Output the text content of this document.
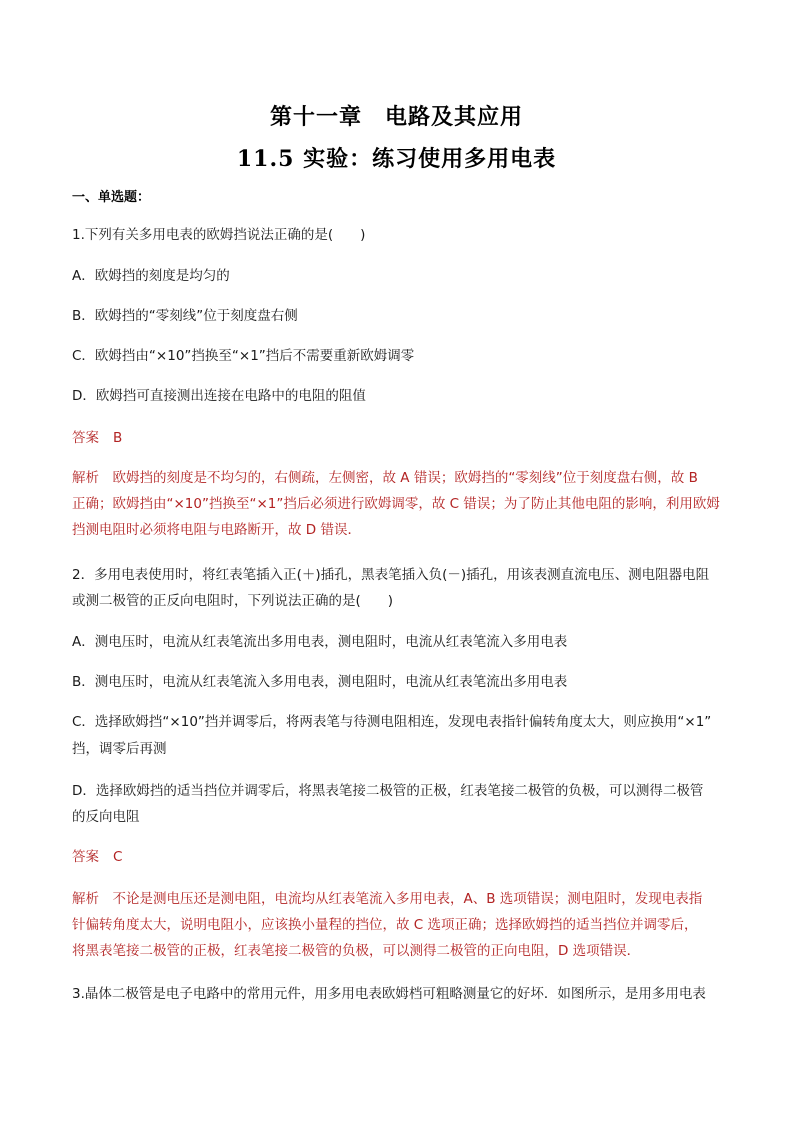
第十一章　电路及其应用
11.5 实验：练习使用多用电表
一、单选题：
1.下列有关多用电表的欧姆挡说法正确的是(　　)
A．欧姆挡的刻度是均匀的
B．欧姆挡的“零刻线”位于刻度盘右侧
C．欧姆挡由“×10”挡换至“×1”挡后不需要重新欧姆调零
D．欧姆挡可直接测出连接在电路中的电阻的阻值
答案 B
解析　欧姆挡的刻度是不均匀的，右侧疏，左侧密，故 A 错误；欧姆挡的“零刻线”位于刻度盘右侧，故 B
正确；欧姆挡由“×10”挡换至“×1”挡后必须进行欧姆调零，故 C 错误；为了防止其他电阻的影响，利用欧姆
挡测电阻时必须将电阻与电路断开，故 D 错误．
2．多用电表使用时，将红表笔插入正(＋)插孔，黑表笔插入负(－)插孔，用该表测直流电压、测电阻器电阻
或测二极管的正反向电阻时，下列说法正确的是(　　)
A．测电压时，电流从红表笔流出多用电表，测电阻时，电流从红表笔流入多用电表
B．测电压时，电流从红表笔流入多用电表，测电阻时，电流从红表笔流出多用电表
C．选择欧姆挡“×10”挡并调零后，将两表笔与待测电阻相连，发现电表指针偏转角度太大，则应换用“×1”
挡，调零后再测
D．选择欧姆挡的适当挡位并调零后，将黑表笔接二极管的正极，红表笔接二极管的负极，可以测得二极管
的反向电阻
答案 C
解析　不论是测电压还是测电阻，电流均从红表笔流入多用电表，A、B 选项错误；测电阻时，发现电表指
针偏转角度太大，说明电阻小，应该换小量程的挡位，故 C 选项正确；选择欧姆挡的适当挡位并调零后，
将黑表笔接二极管的正极，红表笔接二极管的负极，可以测得二极管的正向电阻，D 选项错误．
3.晶体二极管是电子电路中的常用元件，用多用电表欧姆档可粗略测量它的好坏．如图所示，是用多用电表
